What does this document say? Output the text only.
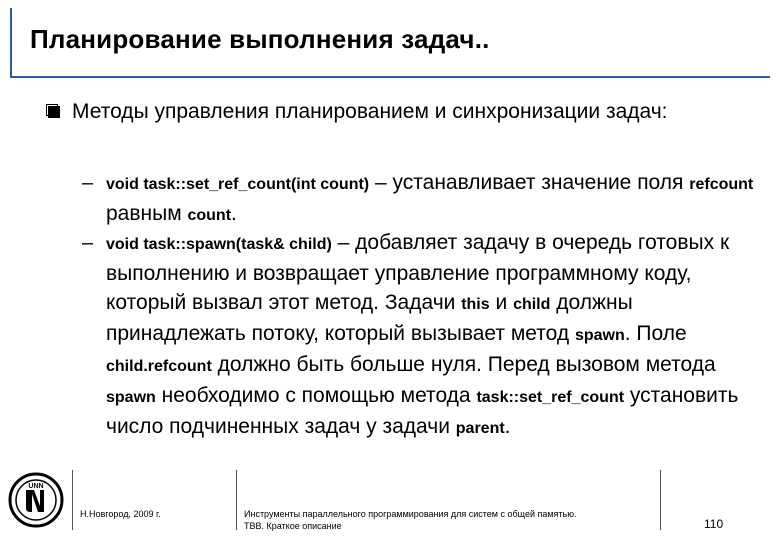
Планирование выполнения задач..
Методы управления планированием и синхронизации задач:
– void task::set_ref_count(int count) – устанавливает значение поля refcount равным count.
– void task::spawn(task& child) – добавляет задачу в очередь готовых к выполнению и возвращает управление программному коду, который вызвал этот метод. Задачи this и child должны принадлежать потоку, который вызывает метод spawn. Поле child.refcount должно быть больше нуля. Перед вызовом метода spawn необходимо с помощью метода task::set_ref_count установить число подчиненных задач у задачи parent.
UNN
Н.Новгород, 2009 г.	Инструменты параллельного программирования для систем с общей памятью.
TBB. Краткое описание	110
